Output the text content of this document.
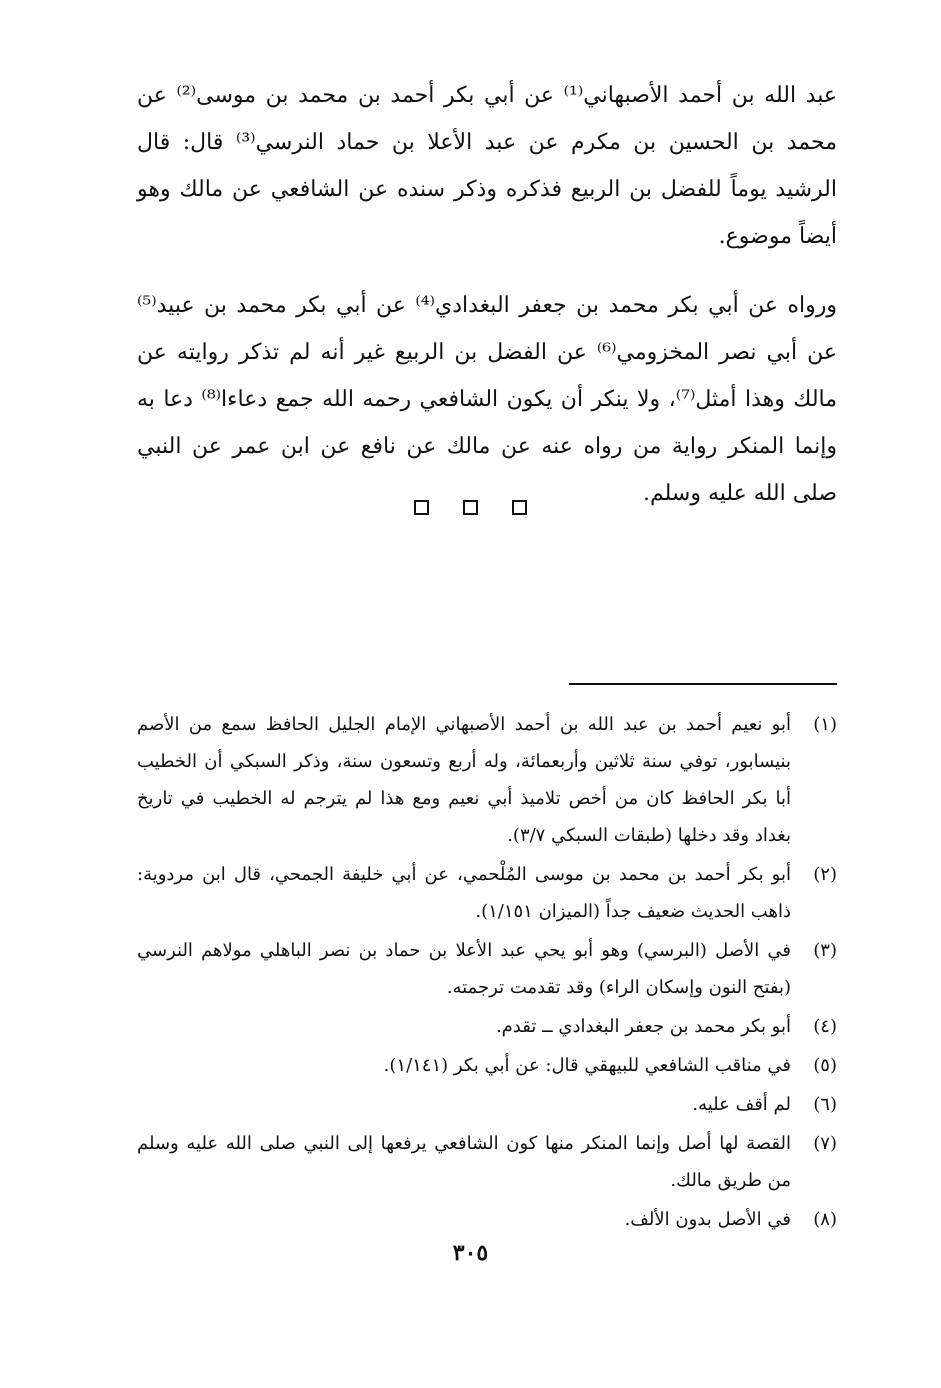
عبد الله بن أحمد الأصبهاني⁽¹⁾ عن أبي بكر أحمد بن محمد بن موسى⁽²⁾ عن محمد بن الحسين بن مكرم عن عبد الأعلا بن حماد النرسي⁽³⁾ قال: قال الرشيد يوماً للفضل بن الربيع فذكره وذكر سنده عن الشافعي عن مالك وهو أيضاً موضوع.

ورواه عن أبي بكر محمد بن جعفر البغدادي⁽⁴⁾ عن أبي بكر محمد بن عبيد⁽⁵⁾ عن أبي نصر المخزومي⁽⁶⁾ عن الفضل بن الربيع غير أنه لم تذكر روايته عن مالك وهذا أمثل⁽⁷⁾، ولا ينكر أن يكون الشافعي رحمه الله جمع دعاءا⁽⁸⁾ دعا به وإنما المنكر رواية من رواه عنه عن مالك عن نافع عن ابن عمر عن النبي صلى الله عليه وسلم.

(١)
أبو نعيم أحمد بن عبد الله بن أحمد الأصبهاني الإمام الجليل الحافظ سمع من الأصم بنيسابور، توفي سنة ثلاثين وأربعمائة، وله أربع وتسعون سنة، وذكر السبكي أن الخطيب أبا بكر الحافظ كان من أخص تلاميذ أبي نعيم ومع هذا لم يترجم له الخطيب في تاريخ بغداد وقد دخلها (طبقات السبكي ٣/٧).
(٢)
أبو بكر أحمد بن محمد بن موسى المُلْحمي، عن أبي خليفة الجمحي، قال ابن مردوية: ذاهب الحديث ضعيف جداً (الميزان ١/١٥١).
(٣)
في الأصل (البرسي) وهو أبو يحي عبد الأعلا بن حماد بن نصر الباهلي مولاهم النرسي (بفتح النون وإسكان الراء) وقد تقدمت ترجمته.
(٤)
أبو بكر محمد بن جعفر البغدادي ــ تقدم.
(٥)
في مناقب الشافعي للبيهقي قال: عن أبي بكر (١/١٤١).
(٦)
لم أقف عليه.
(٧)
القصة لها أصل وإنما المنكر منها كون الشافعي يرفعها إلى النبي صلى الله عليه وسلم من طريق مالك.
(٨)
في الأصل بدون الألف.
٣٠٥
